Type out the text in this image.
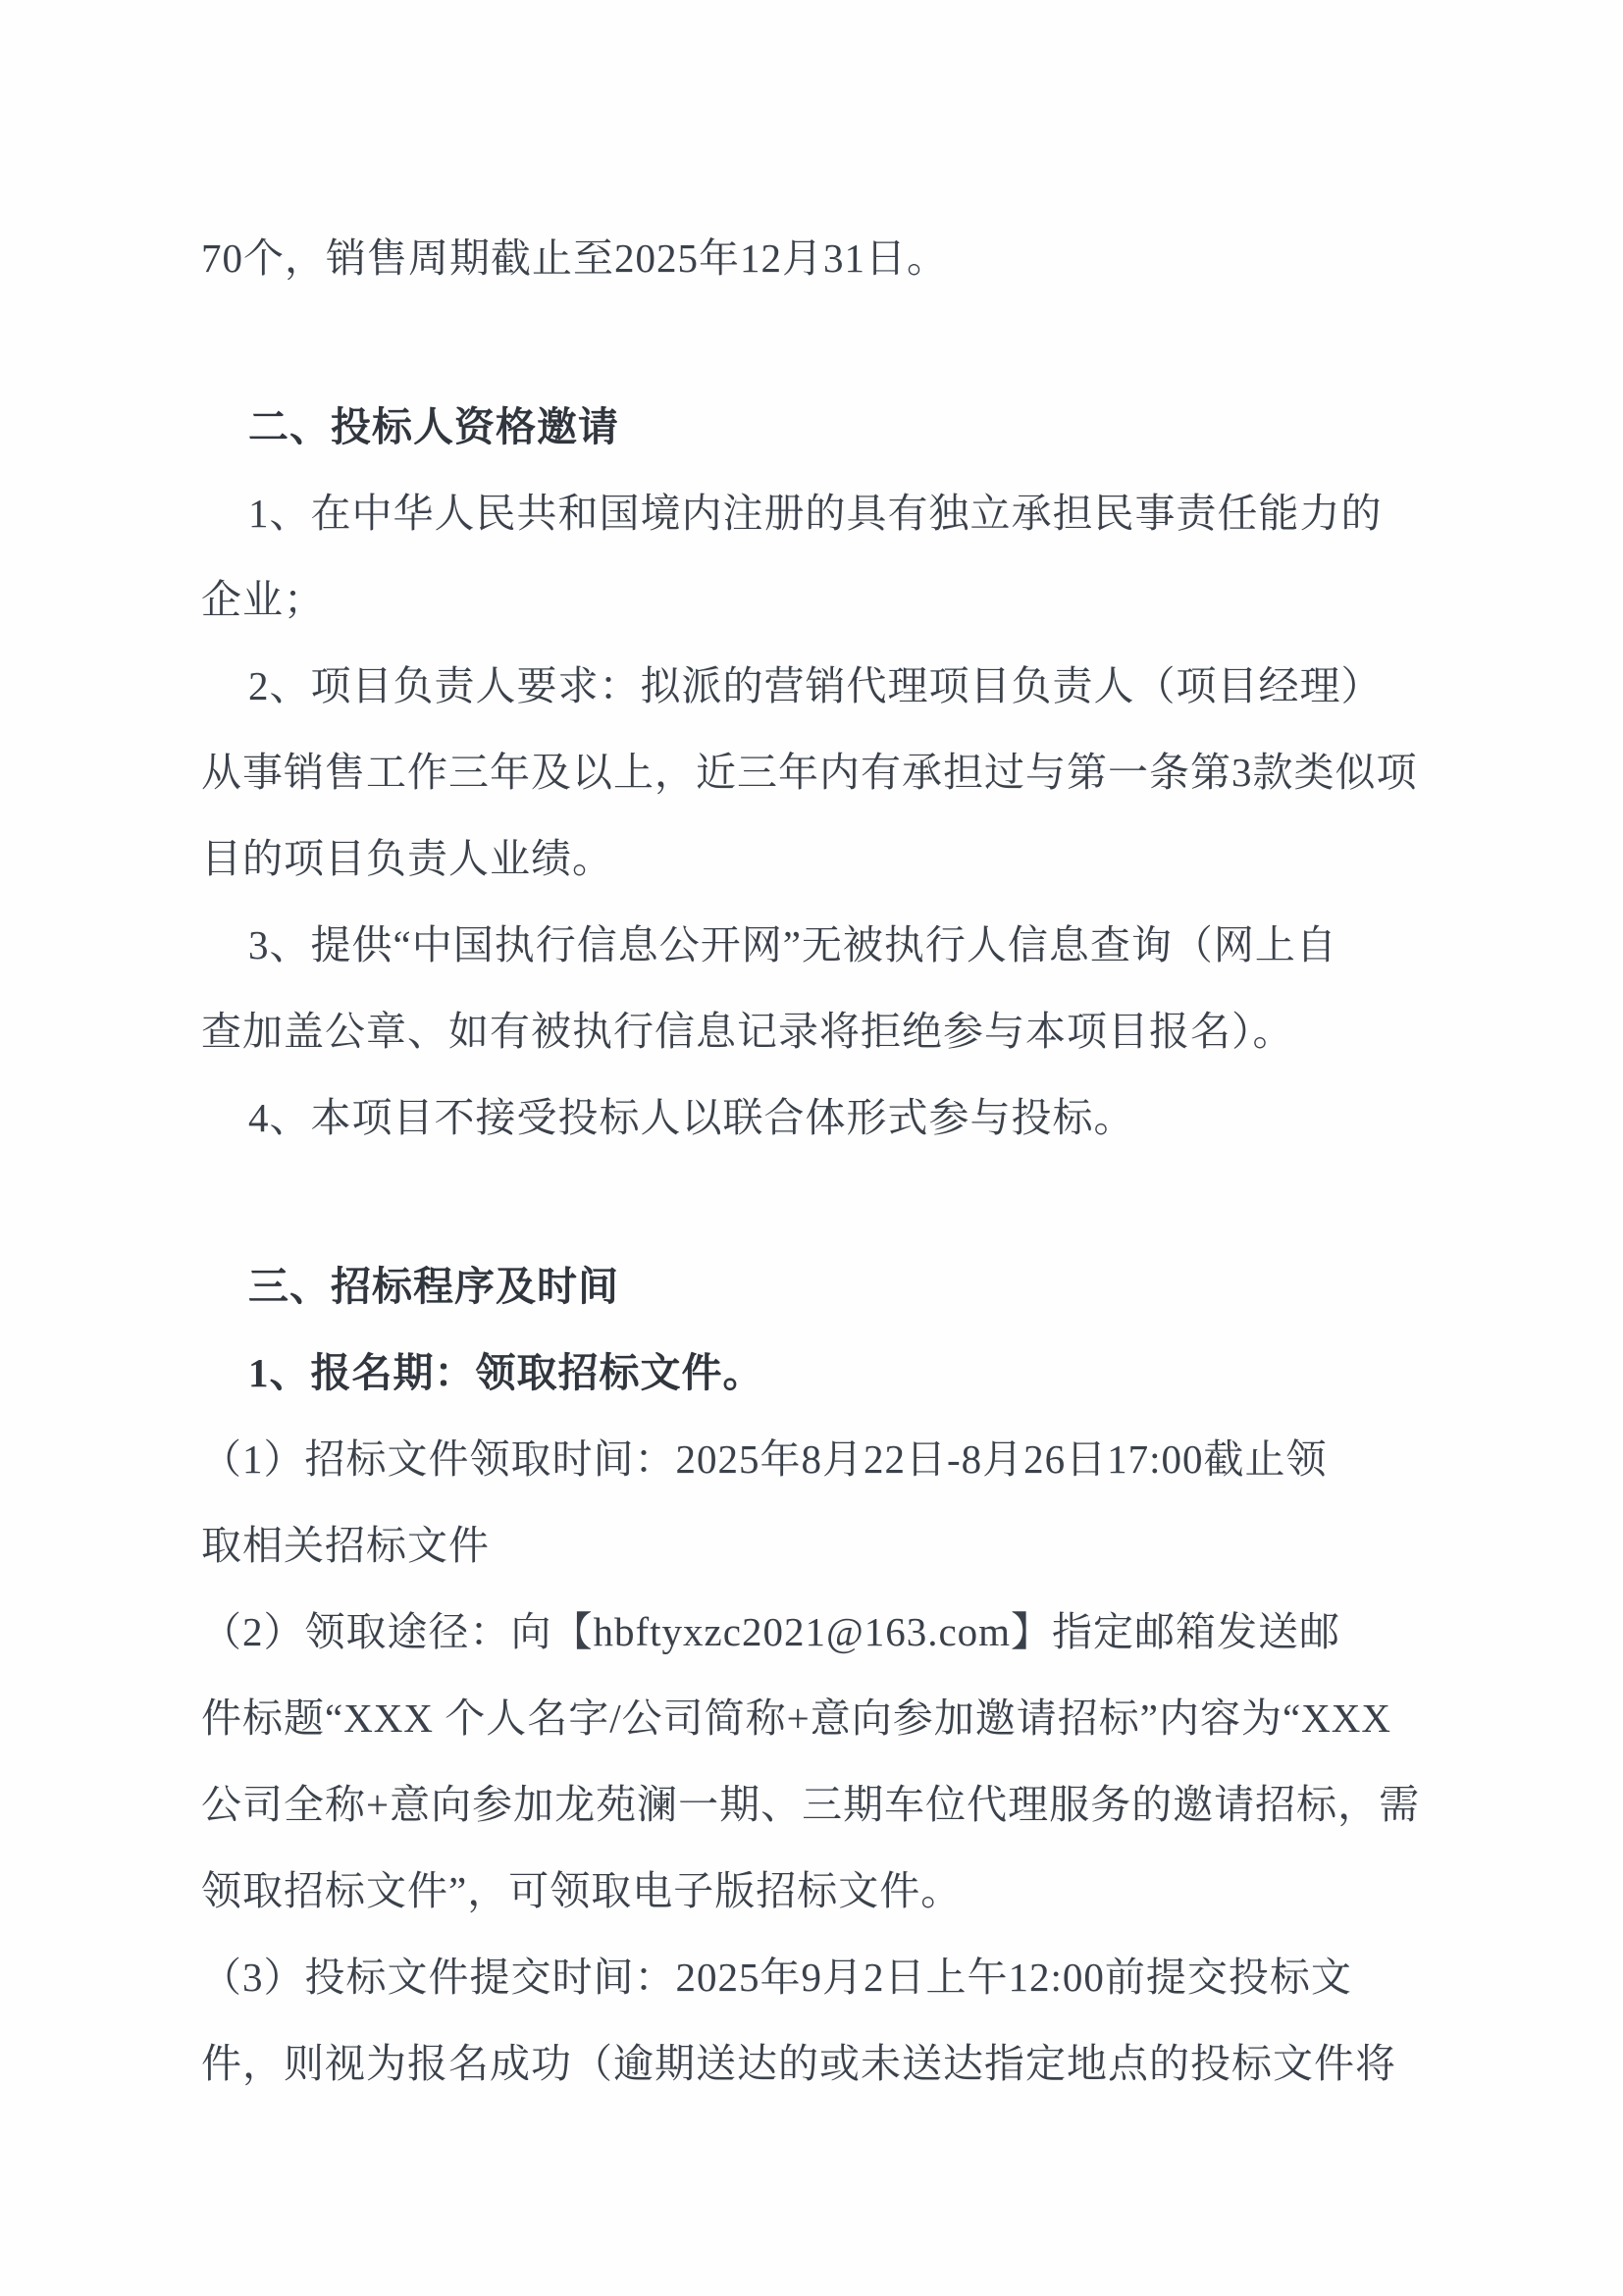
70个，销售周期截止至2025年12月31日。
二、投标人资格邀请
1、在中华人民共和国境内注册的具有独立承担民事责任能力的
企业；
2、项目负责人要求：拟派的营销代理项目负责人（项目经理）
从事销售工作三年及以上，近三年内有承担过与第一条第3款类似项
目的项目负责人业绩。
3、提供“中国执行信息公开网”无被执行人信息查询（网上自
查加盖公章、如有被执行信息记录将拒绝参与本项目报名）。
4、本项目不接受投标人以联合体形式参与投标。
三、招标程序及时间
1、报名期：领取招标文件。
（1）招标文件领取时间：2025年8月22日-8月26日17:00截止领
取相关招标文件
（2）领取途径：向【hbftyxzc2021@163.com】指定邮箱发送邮
件标题“XXX 个人名字/公司简称+意向参加邀请招标”内容为“XXX
公司全称+意向参加龙苑澜一期、三期车位代理服务的邀请招标，需
领取招标文件”，可领取电子版招标文件。
（3）投标文件提交时间：2025年9月2日上午12:00前提交投标文
件，则视为报名成功（逾期送达的或未送达指定地点的投标文件将
